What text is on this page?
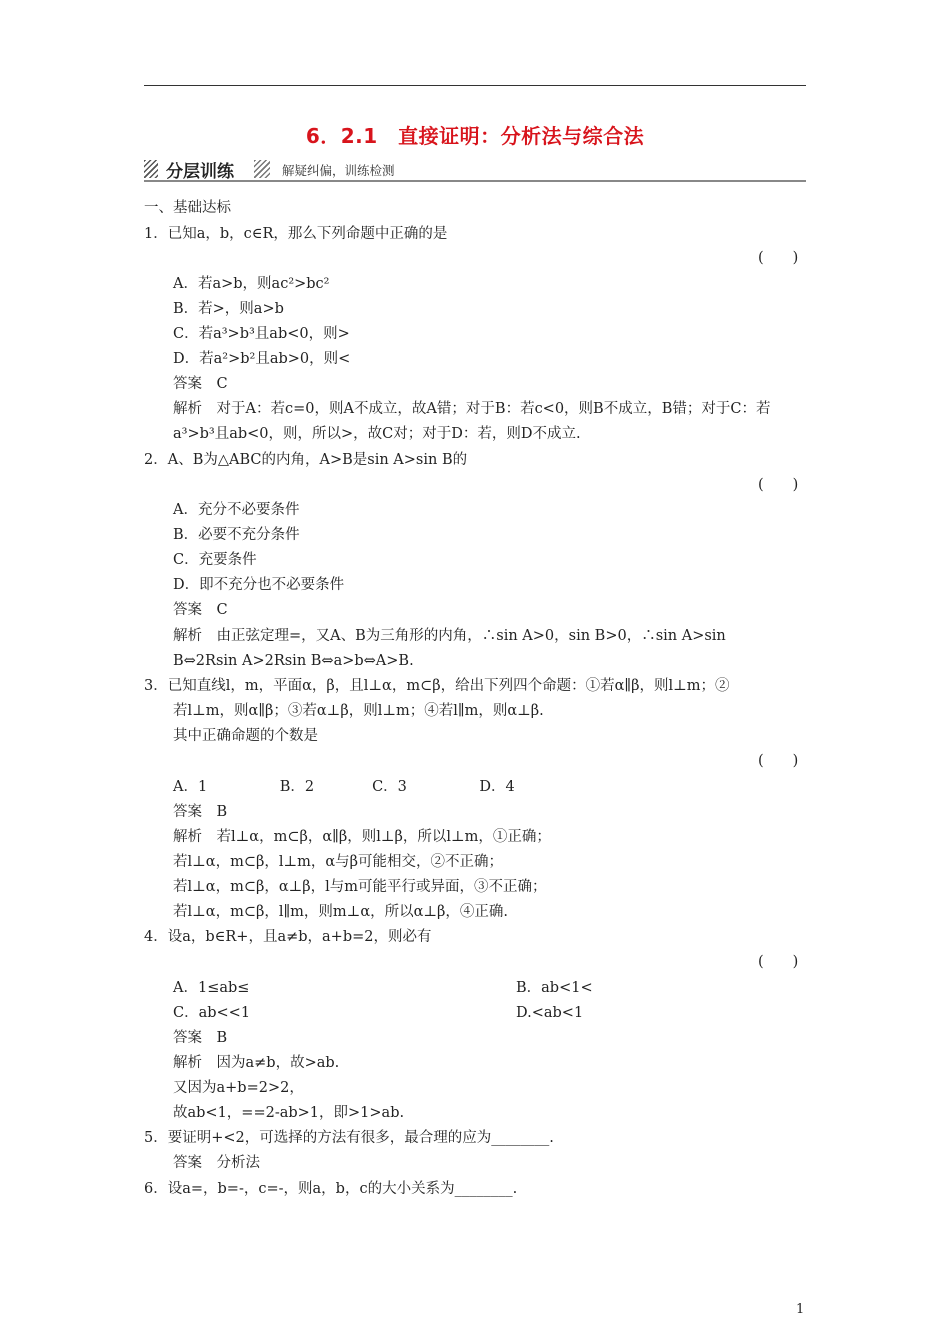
6．2.1　直接证明：分析法与综合法
分层训练	解疑纠偏，训练检测
一、基础达标
1．已知a，b，c∈R，那么下列命题中正确的是
A．若a>b，则ac²>bc²
B．若>，则a>b
C．若a³>b³且ab<0，则>
D．若a²>b²且ab>0，则<
答案　C
解析　对于A：若c=0，则A不成立，故A错；对于B：若c<0，则B不成立，B错；对于C：若
a³>b³且ab<0，则，所以>，故C对；对于D：若，则D不成立.
2．A、B为△ABC的内角，A>B是sin A>sin B的
A．充分不必要条件
B．必要不充分条件
C．充要条件
D．即不充分也不必要条件
答案　C
解析　由正弦定理=，又A、B为三角形的内角，∴sin A>0，sin B>0，∴sin A>sin
B⇔2Rsin A>2Rsin B⇔a>b⇔A>B.
3．已知直线l，m，平面α，β，且l⊥α，m⊂β，给出下列四个命题：①若α∥β，则l⊥m；②
若l⊥m，则α∥β；③若α⊥β，则l⊥m；④若l∥m，则α⊥β.
其中正确命题的个数是
A．1　　　　　B．2　　　　C．3　　　　　D．4
答案　B
解析　若l⊥α，m⊂β，α∥β，则l⊥β，所以l⊥m，①正确；
若l⊥α，m⊂β，l⊥m，α与β可能相交，②不正确；
若l⊥α，m⊂β，α⊥β，l与m可能平行或异面，③不正确；
若l⊥α，m⊂β，l∥m，则m⊥α，所以α⊥β，④正确.
4．设a，b∈R+，且a≠b，a+b=2，则必有
A．1≤ab≤	B．ab<1<
C．ab<<1	D.<ab<1
答案　B
解析　因为a≠b，故>ab.
又因为a+b=2>2，
故ab<1，==2-ab>1，即>1>ab.
5．要证明+<2，可选择的方法有很多，最合理的应为________.
答案　分析法
6．设a=，b=-，c=-，则a，b，c的大小关系为________.
(　　)
(　　)
(　　)
(　　)
1
